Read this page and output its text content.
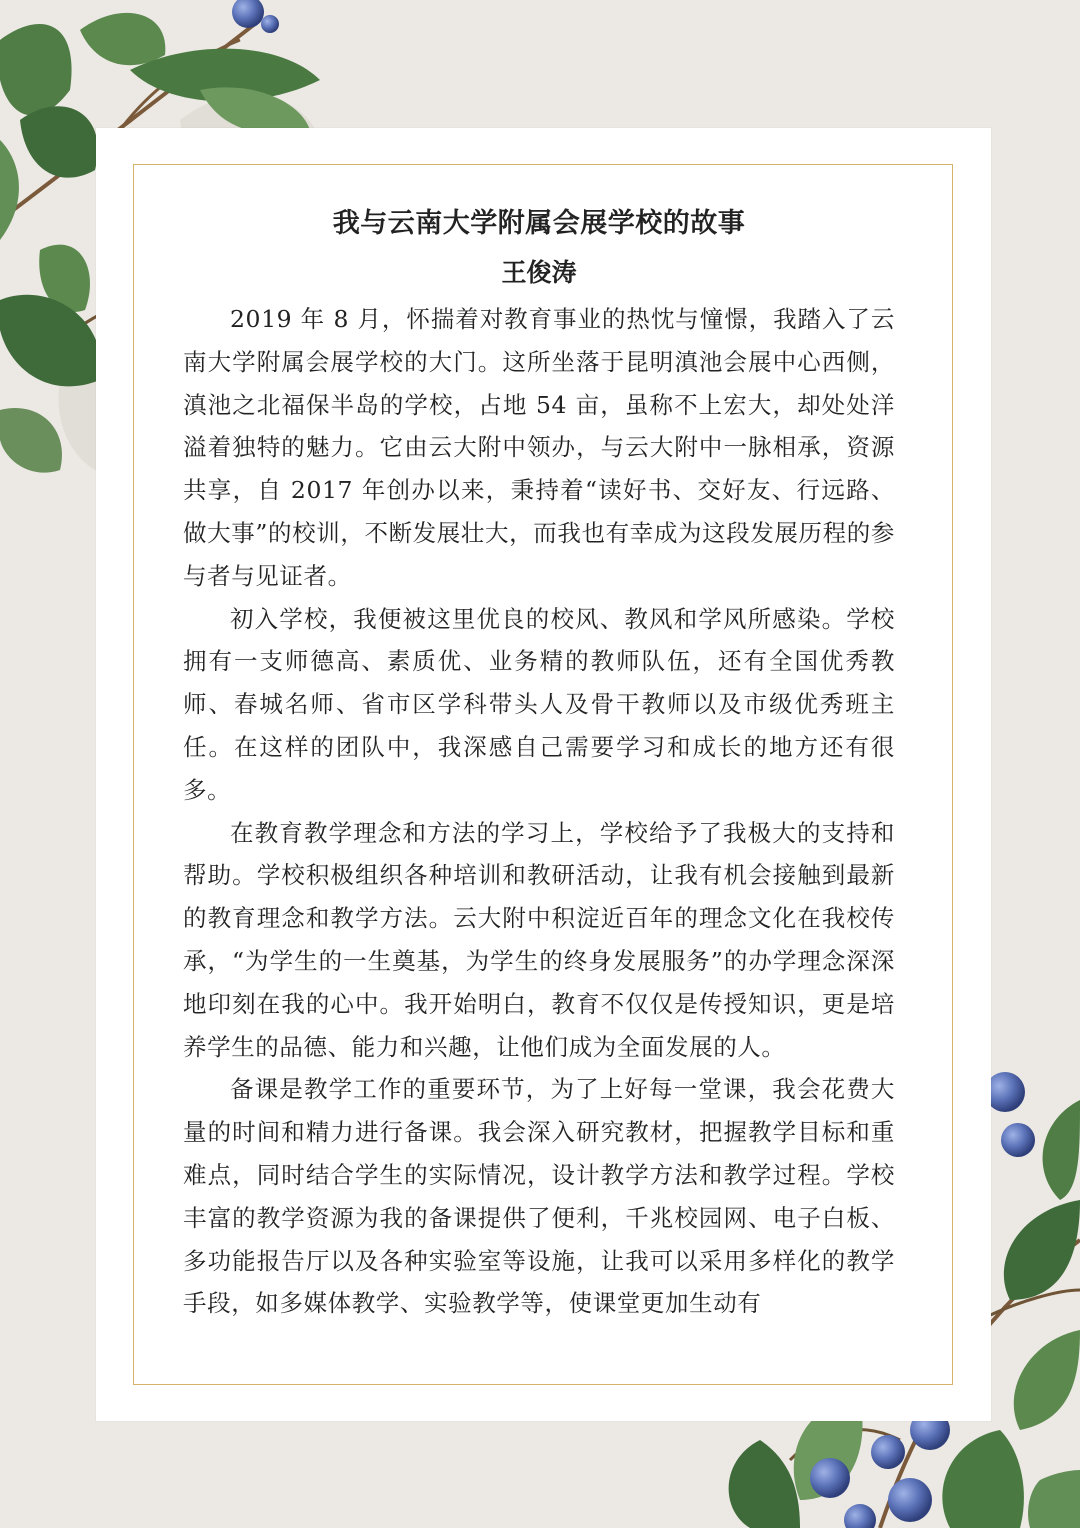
我与云南大学附属会展学校的故事
王俊涛

2019 年 8 月，怀揣着对教育事业的热忱与憧憬，我踏入了云南大学附属会展学校的大门。这所坐落于昆明滇池会展中心西侧，滇池之北福保半岛的学校，占地 54 亩，虽称不上宏大，却处处洋溢着独特的魅力。它由云大附中领办，与云大附中一脉相承，资源共享，自 2017 年创办以来，秉持着“读好书、交好友、行远路、做大事”的校训，不断发展壮大，而我也有幸成为这段发展历程的参与者与见证者。

初入学校，我便被这里优良的校风、教风和学风所感染。学校拥有一支师德高、素质优、业务精的教师队伍，还有全国优秀教师、春城名师、省市区学科带头人及骨干教师以及市级优秀班主任。在这样的团队中，我深感自己需要学习和成长的地方还有很多。

在教育教学理念和方法的学习上，学校给予了我极大的支持和帮助。学校积极组织各种培训和教研活动，让我有机会接触到最新的教育理念和教学方法。云大附中积淀近百年的理念文化在我校传承，“为学生的一生奠基，为学生的终身发展服务”的办学理念深深地印刻在我的心中。我开始明白，教育不仅仅是传授知识，更是培养学生的品德、能力和兴趣，让他们成为全面发展的人。

备课是教学工作的重要环节，为了上好每一堂课，我会花费大量的时间和精力进行备课。我会深入研究教材，把握教学目标和重难点，同时结合学生的实际情况，设计教学方法和教学过程。学校丰富的教学资源为我的备课提供了便利，千兆校园网、电子白板、多功能报告厅以及各种实验室等设施，让我可以采用多样化的教学手段，如多媒体教学、实验教学等，使课堂更加生动有
